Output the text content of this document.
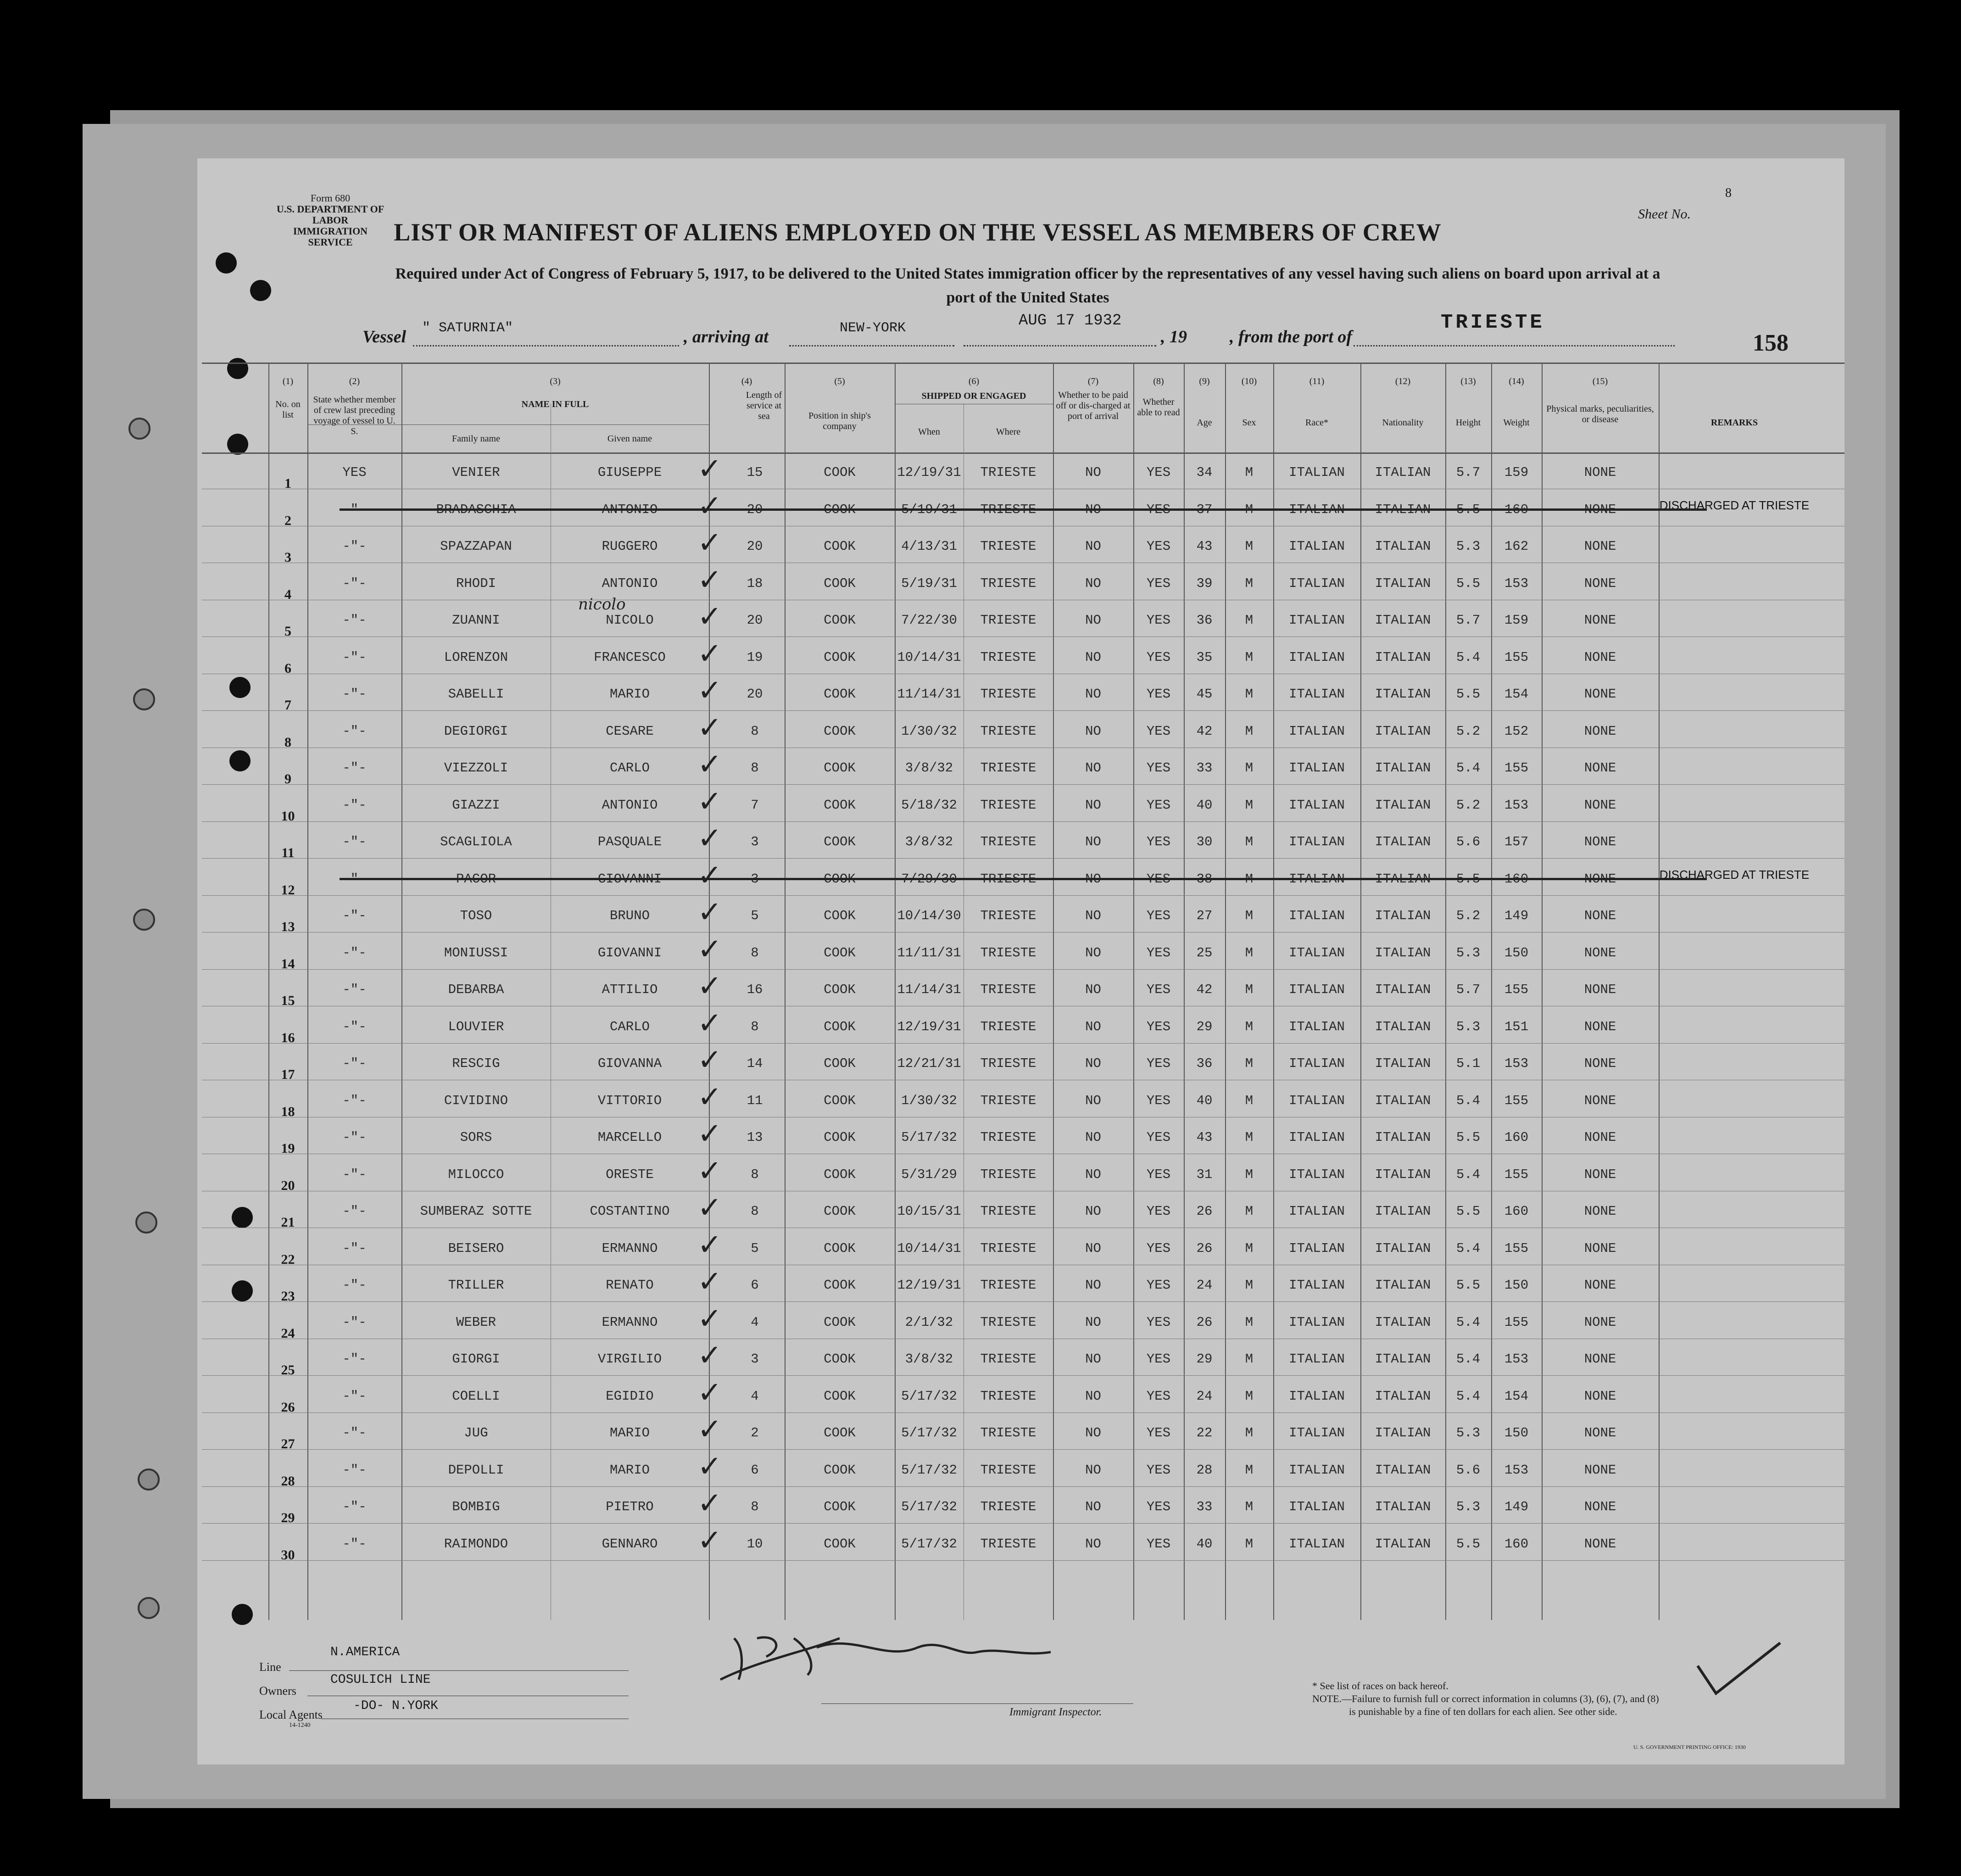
Form 680
U.S. DEPARTMENT OF LABOR
IMMIGRATION SERVICE
Sheet No.
8
LIST OR MANIFEST OF ALIENS EMPLOYED ON THE VESSEL AS MEMBERS OF CREW
Required under Act of Congress of February 5, 1917, to be delivered to the United States immigration officer by the representatives of any vessel having such aliens on board upon arrival at a
port of the United States
Vessel " SATURNIA"	, arriving at	NEW-YORK	AUG 17 1932
, 19 , from the port of
TRIESTE
158
(1)
No. on list
(2)
State whether member of crew last preceding voyage of vessel to U. S.
(3)
NAME IN FULL
Family name	Given name
(4)
Length of service at sea
(5)
Position in ship's company
(6)
SHIPPED OR ENGAGED
When	Where
(7)
Whether to be paid off or dis-charged at port of arrival
(8)
Whether able to read
(9)
Age
(10)
Sex
(11)
Race*
(12)
Nationality
(13)
Height
(14)
Weight
(15)
Physical marks, peculiarities, or disease	REMARKS
1
YES	VENIER	GIUSEPPE	15	COOK	12/19/31	TRIESTE	NO	YES	34	M	ITALIAN	ITALIAN	5.7	159	NONE
✓
2
-"-	BRADASCHIA	ANTONIO	20	COOK	5/19/31	TRIESTE	NO	YES	37	M	ITALIAN	ITALIAN	5.5	160	NONE
✓	DISCHARGED AT TRIESTE
3
-"-	SPAZZAPAN	RUGGERO	20	COOK	4/13/31	TRIESTE	NO	YES	43	M	ITALIAN	ITALIAN	5.3	162	NONE
✓
4
-"-	RHODI	ANTONIO	18	COOK	5/19/31	TRIESTE	NO	YES	39	M	ITALIAN	ITALIAN	5.5	153	NONE
✓
5
-"-	ZUANNI	NICOLO	20	COOK	7/22/30	TRIESTE	NO	YES	36	M	ITALIAN	ITALIAN	5.7	159	NONE
✓
6
-"-	LORENZON	FRANCESCO	19	COOK	10/14/31	TRIESTE	NO	YES	35	M	ITALIAN	ITALIAN	5.4	155	NONE
✓
7
-"-	SABELLI	MARIO	20	COOK	11/14/31	TRIESTE	NO	YES	45	M	ITALIAN	ITALIAN	5.5	154	NONE
✓
8
-"-	DEGIORGI	CESARE	8	COOK	1/30/32	TRIESTE	NO	YES	42	M	ITALIAN	ITALIAN	5.2	152	NONE
✓
9
-"-	VIEZZOLI	CARLO	8	COOK	3/8/32	TRIESTE	NO	YES	33	M	ITALIAN	ITALIAN	5.4	155	NONE
✓
10
-"-	GIAZZI	ANTONIO	7	COOK	5/18/32	TRIESTE	NO	YES	40	M	ITALIAN	ITALIAN	5.2	153	NONE
✓
11
-"-	SCAGLIOLA	PASQUALE	3	COOK	3/8/32	TRIESTE	NO	YES	30	M	ITALIAN	ITALIAN	5.6	157	NONE
✓
12
-"-	PACOR	GIOVANNI	3	COOK	7/29/30	TRIESTE	NO	YES	38	M	ITALIAN	ITALIAN	5.5	160	NONE
✓	DISCHARGED AT TRIESTE
13
-"-	TOSO	BRUNO	5	COOK	10/14/30	TRIESTE	NO	YES	27	M	ITALIAN	ITALIAN	5.2	149	NONE
✓
14
-"-	MONIUSSI	GIOVANNI	8	COOK	11/11/31	TRIESTE	NO	YES	25	M	ITALIAN	ITALIAN	5.3	150	NONE
✓
15
-"-	DEBARBA	ATTILIO	16	COOK	11/14/31	TRIESTE	NO	YES	42	M	ITALIAN	ITALIAN	5.7	155	NONE
✓
16
-"-	LOUVIER	CARLO	8	COOK	12/19/31	TRIESTE	NO	YES	29	M	ITALIAN	ITALIAN	5.3	151	NONE
✓
17
-"-	RESCIG	GIOVANNA	14	COOK	12/21/31	TRIESTE	NO	YES	36	M	ITALIAN	ITALIAN	5.1	153	NONE
✓
18
-"-	CIVIDINO	VITTORIO	11	COOK	1/30/32	TRIESTE	NO	YES	40	M	ITALIAN	ITALIAN	5.4	155	NONE
✓
19
-"-	SORS	MARCELLO	13	COOK	5/17/32	TRIESTE	NO	YES	43	M	ITALIAN	ITALIAN	5.5	160	NONE
✓
20
-"-	MILOCCO	ORESTE	8	COOK	5/31/29	TRIESTE	NO	YES	31	M	ITALIAN	ITALIAN	5.4	155	NONE
✓
21
-"-	SUMBERAZ SOTTE	COSTANTINO	8	COOK	10/15/31	TRIESTE	NO	YES	26	M	ITALIAN	ITALIAN	5.5	160	NONE
✓
22
-"-	BEISERO	ERMANNO	5	COOK	10/14/31	TRIESTE	NO	YES	26	M	ITALIAN	ITALIAN	5.4	155	NONE
✓
23
-"-	TRILLER	RENATO	6	COOK	12/19/31	TRIESTE	NO	YES	24	M	ITALIAN	ITALIAN	5.5	150	NONE
✓
24
-"-	WEBER	ERMANNO	4	COOK	2/1/32	TRIESTE	NO	YES	26	M	ITALIAN	ITALIAN	5.4	155	NONE
✓
25
-"-	GIORGI	VIRGILIO	3	COOK	3/8/32	TRIESTE	NO	YES	29	M	ITALIAN	ITALIAN	5.4	153	NONE
✓
26
-"-	COELLI	EGIDIO	4	COOK	5/17/32	TRIESTE	NO	YES	24	M	ITALIAN	ITALIAN	5.4	154	NONE
✓
27
-"-	JUG	MARIO	2	COOK	5/17/32	TRIESTE	NO	YES	22	M	ITALIAN	ITALIAN	5.3	150	NONE
✓
28
-"-	DEPOLLI	MARIO	6	COOK	5/17/32	TRIESTE	NO	YES	28	M	ITALIAN	ITALIAN	5.6	153	NONE
✓
29
-"-	BOMBIG	PIETRO	8	COOK	5/17/32	TRIESTE	NO	YES	33	M	ITALIAN	ITALIAN	5.3	149	NONE
✓
30
-"-	RAIMONDO	GENNARO	10	COOK	5/17/32	TRIESTE	NO	YES	40	M	ITALIAN	ITALIAN	5.5	160	NONE
✓
nicolo
Line
N.AMERICA
Owners
COSULICH LINE
Local Agents
-DO- N.YORK
14-1240
Immigrant Inspector.
* See list of races on back hereof.
NOTE.—Failure to furnish full or correct information in columns (3), (6), (7), and (8)
is punishable by a fine of ten dollars for each alien. See other side.
U. S. GOVERNMENT PRINTING OFFICE: 1930
